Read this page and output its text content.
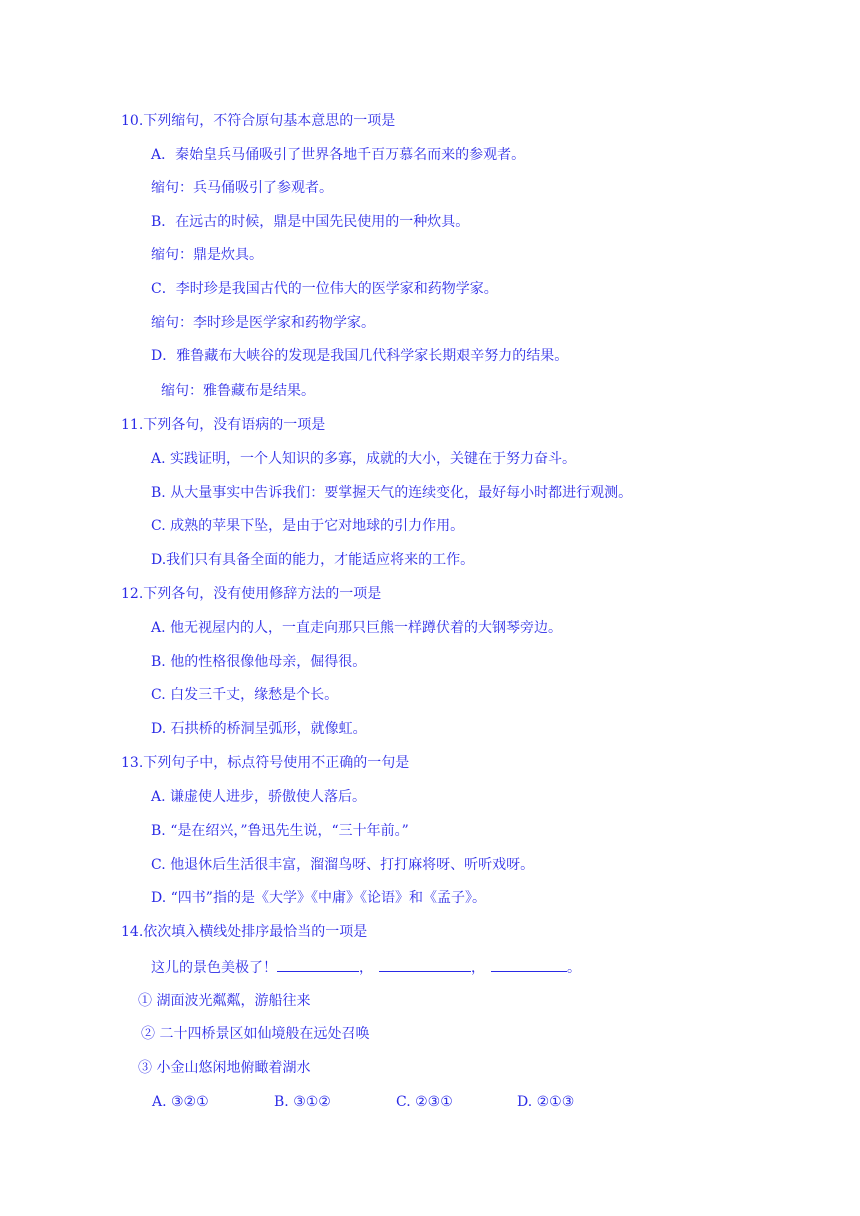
10.下列缩句，不符合原句基本意思的一项是
A．秦始皇兵马俑吸引了世界各地千百万慕名而来的参观者。
缩句：兵马俑吸引了参观者。
B．在远古的时候，鼎是中国先民使用的一种炊具。
缩句：鼎是炊具。
C．李时珍是我国古代的一位伟大的医学家和药物学家。
缩句：李时珍是医学家和药物学家。
D．雅鲁藏布大峡谷的发现是我国几代科学家长期艰辛努力的结果。
缩句：雅鲁藏布是结果。
11.下列各句，没有语病的一项是
A. 实践证明，一个人知识的多寡，成就的大小，关键在于努力奋斗。
B. 从大量事实中告诉我们：要掌握天气的连续变化，最好每小时都进行观测。
C. 成熟的苹果下坠，是由于它对地球的引力作用。
D.我们只有具备全面的能力，才能适应将来的工作。
12.下列各句，没有使用修辞方法的一项是
A. 他无视屋内的人，一直走向那只巨熊一样蹲伏着的大钢琴旁边。
B. 他的性格很像他母亲，倔得很。
C. 白发三千丈，缘愁是个长。
D. 石拱桥的桥洞呈弧形，就像虹。
13.下列句子中，标点符号使用不正确的一句是
A. 谦虚使人进步，骄傲使人落后。
B. “是在绍兴，”鲁迅先生说，“三十年前。”
C. 他退休后生活很丰富，溜溜鸟呀、打打麻将呀、听听戏呀。
D. “四书”指的是《大学》《中庸》《论语》和《孟子》。
14.依次填入横线处排序最恰当的一项是
这儿的景色美极了！	，	，	。
① 湖面波光粼粼，游船往来
② 二十四桥景区如仙境般在远处召唤
③ 小金山悠闲地俯瞰着湖水
A. ③②①	B. ③①②	C. ②③①	D. ②①③
